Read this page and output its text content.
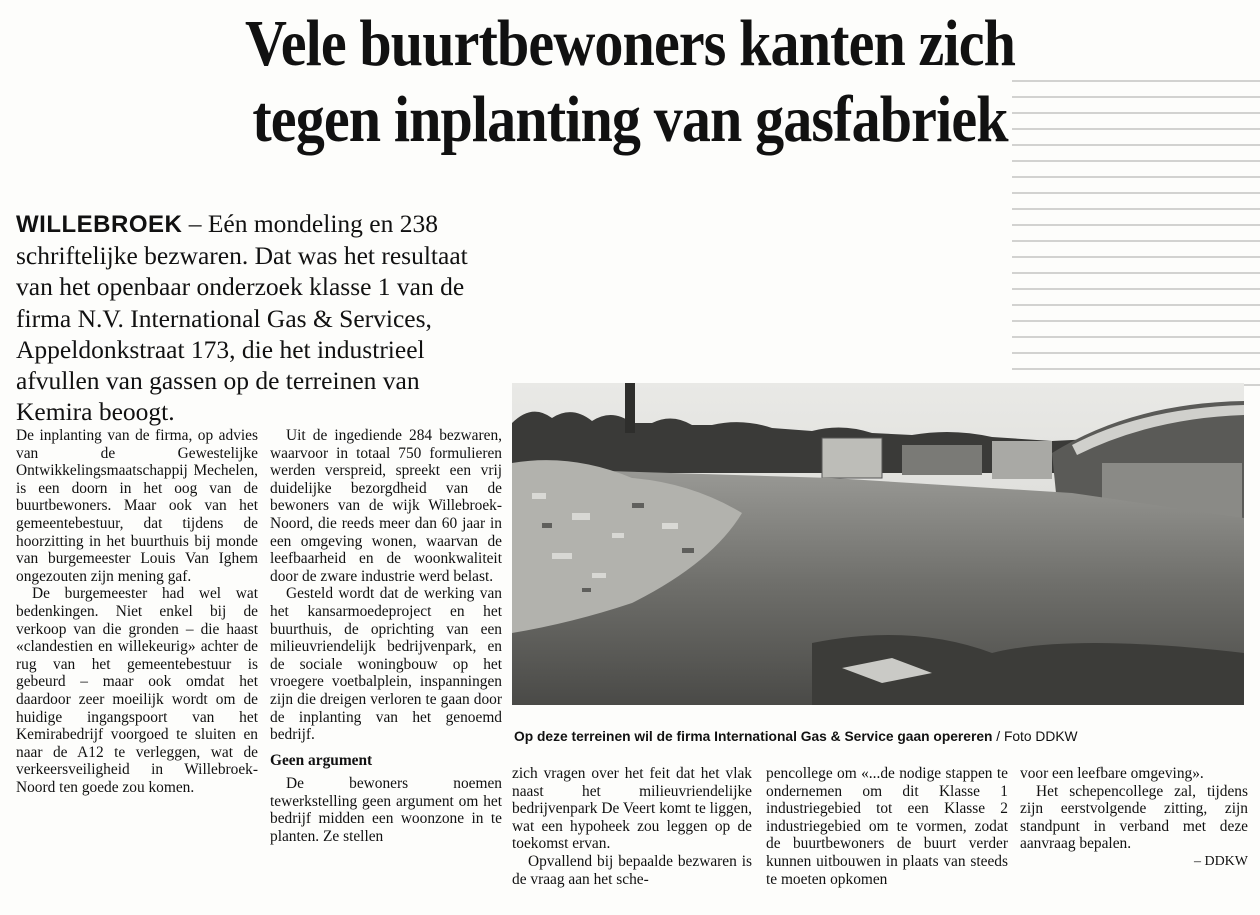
Vele buurtbewoners kanten zich
tegen inplanting van gasfabriek
WILLEBROEK – Eén mondeling en 238 schriftelijke bezwaren. Dat was het resultaat van het openbaar onderzoek klasse 1 van de firma N.V. International Gas & Services, Appeldonkstraat 173, die het industrieel afvullen van gassen op de terreinen van Kemira beoogt.

De inplanting van de firma, op advies van de Gewestelijke Ontwikkelingsmaatschappij Mechelen, is een doorn in het oog van de buurtbewoners. Maar ook van het gemeentebestuur, dat tijdens de hoorzitting in het buurthuis bij monde van burgemeester Louis Van Ighem ongezouten zijn mening gaf.

De burgemeester had wel wat bedenkingen. Niet enkel bij de verkoop van die gronden – die haast «clandestien en willekeurig» achter de rug van het gemeentebestuur is gebeurd – maar ook omdat het daardoor zeer moeilijk wordt om de huidige ingangspoort van het Kemirabedrijf voorgoed te sluiten en naar de A12 te verleggen, wat de verkeersveiligheid in Willebroek-Noord ten goede zou komen.

Uit de ingediende 284 bezwaren, waarvoor in totaal 750 formulieren werden verspreid, spreekt een vrij duidelijke bezorgdheid van de bewoners van de wijk Willebroek-Noord, die reeds meer dan 60 jaar in een omgeving wonen, waarvan de leefbaarheid en de woonkwaliteit door de zware industrie werd belast.

Gesteld wordt dat de werking van het kansarmoedeproject en het buurthuis, de oprichting van een milieuvriendelijk bedrijvenpark, en de sociale woningbouw op het vroegere voetbalplein, inspanningen zijn die dreigen verloren te gaan door de inplanting van het genoemd bedrijf.

Geen argument

De bewoners noemen tewerkstelling geen argument om het bedrijf midden een woonzone in te planten. Ze stellen

Op deze terreinen wil de firma International Gas & Service gaan opereren / Foto DDKW

zich vragen over het feit dat het vlak naast het milieuvriendelijke bedrijvenpark De Veert komt te liggen, wat een hypoheek zou leggen op de toekomst ervan.

Opvallend bij bepaalde bezwaren is de vraag aan het sche-

pencollege om «...de nodige stappen te ondernemen om dit Klasse 1 industriegebied tot een Klasse 2 industriegebied om te vormen, zodat de buurtbewoners de buurt verder kunnen uitbouwen in plaats van steeds te moeten opkomen

voor een leefbare omgeving».

Het schepencollege zal, tijdens zijn eerstvolgende zitting, zijn standpunt in verband met deze aanvraag bepalen.

– DDKW
